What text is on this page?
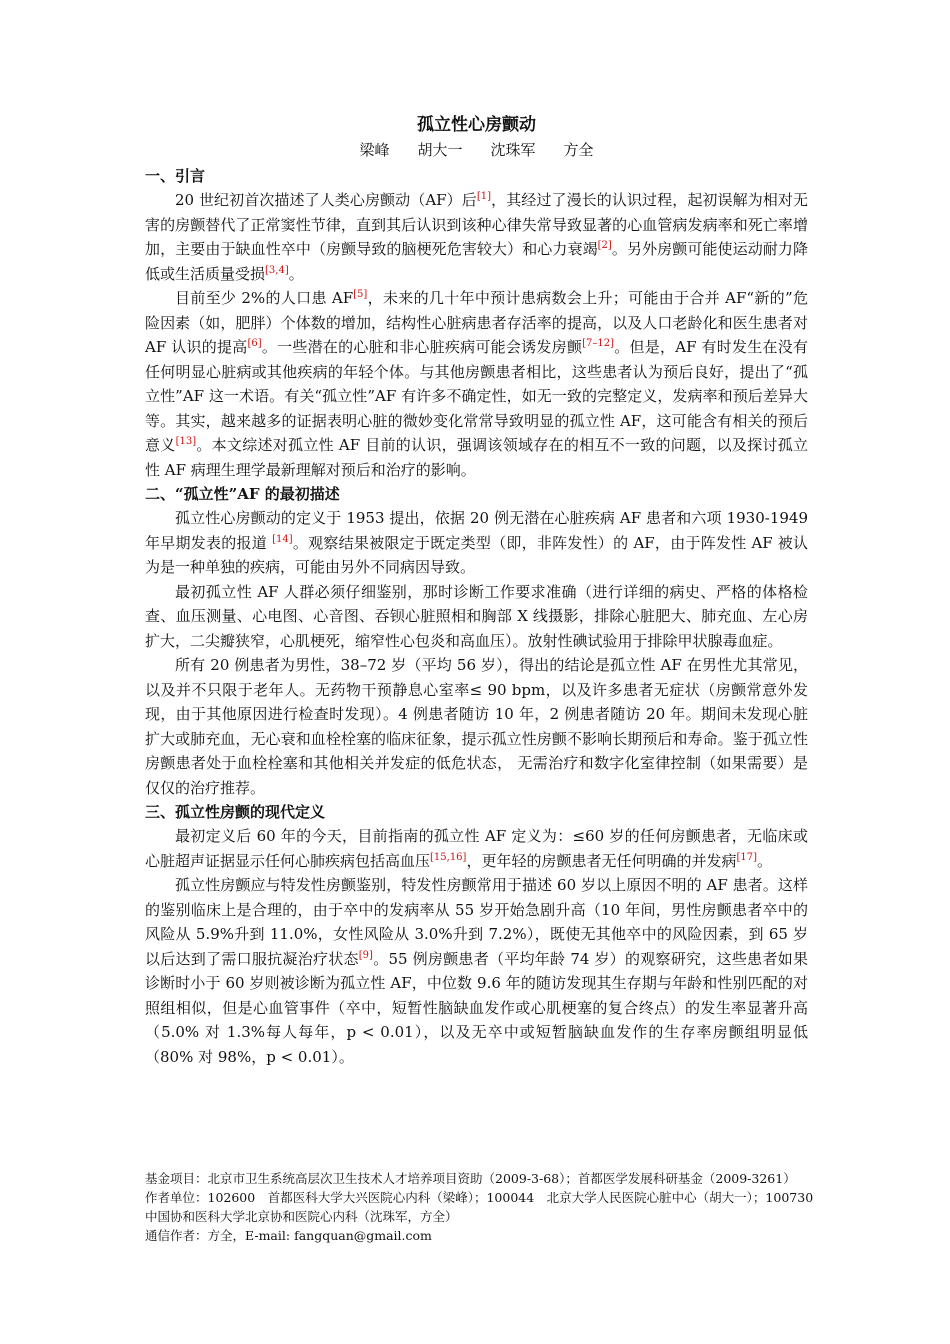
孤立性心房颤动
梁峰 胡大一 沈珠军 方全
一、引言

20 世纪初首次描述了人类心房颤动（AF）后[1]，其经过了漫长的认识过程，起初误解为相对无害的房颤替代了正常窦性节律，直到其后认识到该种心律失常导致显著的心血管病发病率和死亡率增加，主要由于缺血性卒中（房颤导致的脑梗死危害较大）和心力衰竭[2]。另外房颤可能使运动耐力降低或生活质量受损[3,4]。

目前至少 2%的人口患 AF[5]，未来的几十年中预计患病数会上升；可能由于合并 AF“新的”危险因素（如，肥胖）个体数的增加，结构性心脏病患者存活率的提高，以及人口老龄化和医生患者对 AF 认识的提高[6]。一些潜在的心脏和非心脏疾病可能会诱发房颤[7–12]。但是，AF 有时发生在没有任何明显心脏病或其他疾病的年轻个体。与其他房颤患者相比，这些患者认为预后良好，提出了“孤立性”AF 这一术语。有关“孤立性”AF 有许多不确定性，如无一致的完整定义，发病率和预后差异大等。其实，越来越多的证据表明心脏的微妙变化常常导致明显的孤立性 AF，这可能含有相关的预后意义[13]。本文综述对孤立性 AF 目前的认识，强调该领域存在的相互不一致的问题，以及探讨孤立性 AF 病理生理学最新理解对预后和治疗的影响。

二、“孤立性”AF 的最初描述

孤立性心房颤动的定义于 1953 提出，依据 20 例无潜在心脏疾病 AF 患者和六项 1930-1949 年早期发表的报道 [14]。观察结果被限定于既定类型（即，非阵发性）的 AF，由于阵发性 AF 被认为是一种单独的疾病，可能由另外不同病因导致。

最初孤立性 AF 人群必须仔细鉴别，那时诊断工作要求准确（进行详细的病史、严格的体格检查、血压测量、心电图、心音图、吞钡心脏照相和胸部 X 线摄影，排除心脏肥大、肺充血、左心房扩大，二尖瓣狭窄，心肌梗死，缩窄性心包炎和高血压）。放射性碘试验用于排除甲状腺毒血症。

所有 20 例患者为男性，38–72 岁（平均 56 岁），得出的结论是孤立性 AF 在男性尤其常见，以及并不只限于老年人。无药物干预静息心室率≤ 90 bpm，以及许多患者无症状（房颤常意外发现，由于其他原因进行检查时发现）。4 例患者随访 10 年，2 例患者随访 20 年。期间未发现心脏扩大或肺充血，无心衰和血栓栓塞的临床征象，提示孤立性房颤不影响长期预后和寿命。鉴于孤立性房颤患者处于血栓栓塞和其他相关并发症的低危状态， 无需治疗和数字化室律控制（如果需要）是仅仅的治疗推荐。

三、孤立性房颤的现代定义

最初定义后 60 年的今天，目前指南的孤立性 AF 定义为：≤60 岁的任何房颤患者，无临床或心脏超声证据显示任何心肺疾病包括高血压[15,16]，更年轻的房颤患者无任何明确的并发病[17]。

孤立性房颤应与特发性房颤鉴别，特发性房颤常用于描述 60 岁以上原因不明的 AF 患者。这样的鉴别临床上是合理的，由于卒中的发病率从 55 岁开始急剧升高（10 年间，男性房颤患者卒中的风险从 5.9%升到 11.0%，女性风险从 3.0%升到 7.2%），既使无其他卒中的风险因素，到 65 岁以后达到了需口服抗凝治疗状态[9]。55 例房颤患者（平均年龄 74 岁）的观察研究，这些患者如果诊断时小于 60 岁则被诊断为孤立性 AF，中位数 9.6 年的随访发现其生存期与年龄和性别匹配的对照组相似，但是心血管事件（卒中，短暂性脑缺血发作或心肌梗塞的复合终点）的发生率显著升高（5.0% 对 1.3%每人每年，p < 0.01），以及无卒中或短暂脑缺血发作的生存率房颤组明显低（80% 对 98%，p < 0.01）。

基金项目：北京市卫生系统高层次卫生技术人才培养项目资助（2009-3-68）；首都医学发展科研基金（2009-3261）
作者单位：102600　首都医科大学大兴医院心内科（梁峰）；100044　北京大学人民医院心脏中心（胡大一）；100730　中国协和医科大学北京协和医院心内科（沈珠军，方全）
通信作者：方全，E-mail: fangquan@gmail.com
